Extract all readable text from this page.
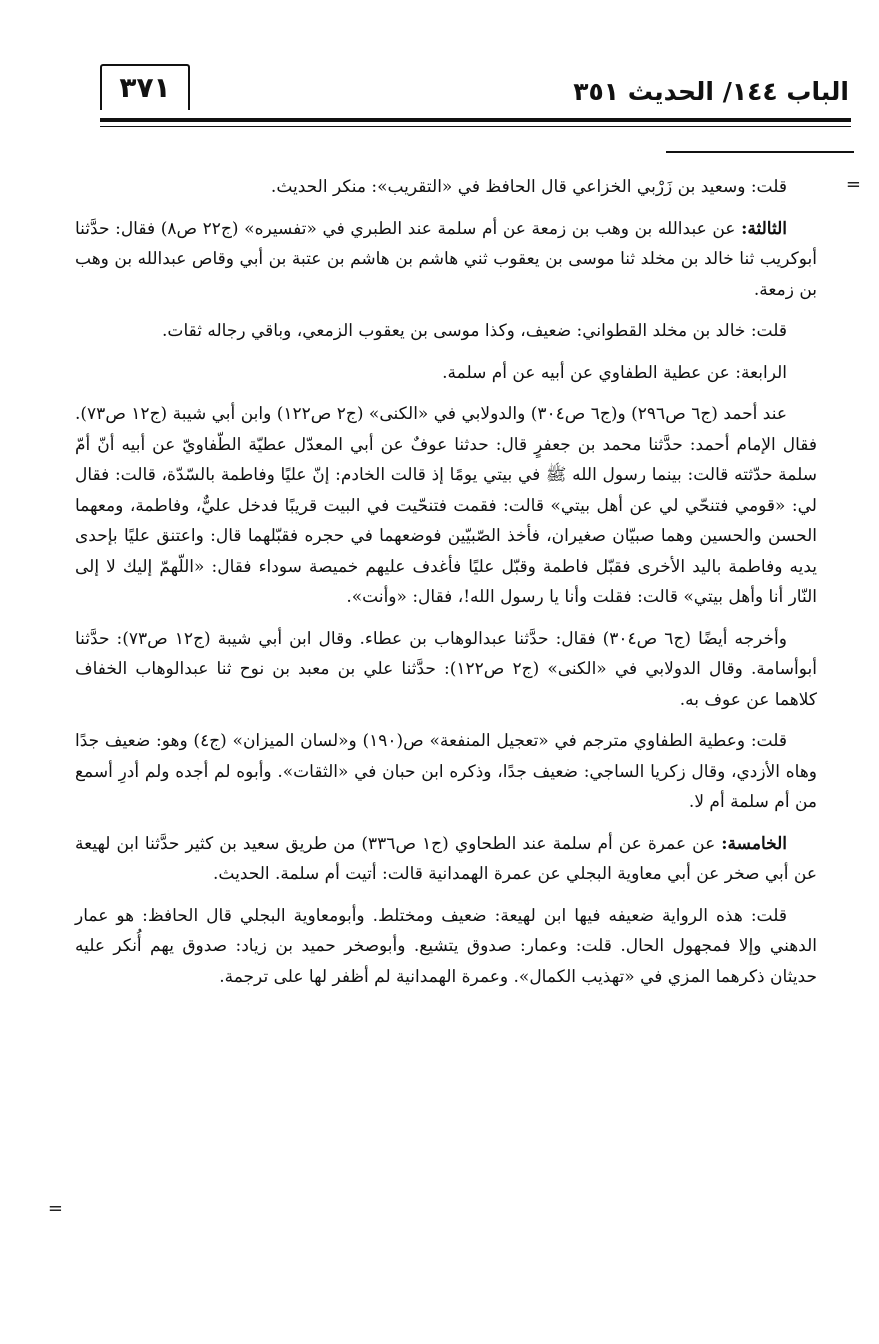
الباب ١٤٤/ الحديث ٣٥١
٣٧١
=

قلت: وسعيد بن زَرْبي الخزاعي قال الحافظ في «التقريب»: منكر الحديث.

الثالثة: عن عبدالله بن وهب بن زمعة عن أم سلمة عند الطبري في «تفسيره» (ج٢٢ ص٨) فقال: حدَّثنا أبوكريب ثنا خالد بن مخلد ثنا موسى بن يعقوب ثني هاشم بن هاشم بن عتبة بن أبي وقاص عبدالله بن وهب بن زمعة.

قلت: خالد بن مخلد القطواني: ضعيف، وكذا موسى بن يعقوب الزمعي، وباقي رجاله ثقات.

الرابعة: عن عطية الطفاوي عن أبيه عن أم سلمة.

عند أحمد (ج٦ ص٢٩٦) و(ج٦ ص٣٠٤) والدولابي في «الكنى» (ج٢ ص١٢٢) وابن أبي شيبة (ج١٢ ص٧٣). فقال الإمام أحمد: حدَّثنا محمد بن جعفرٍ قال: حدثنا عوفٌ عن أبي المعدّل عطيّة الطّفاويّ عن أبيه أنّ أمّ سلمة حدّثته قالت: بينما رسول الله ﷺ في بيتي يومًا إذ قالت الخادم: إنّ عليًا وفاطمة بالسّدّة، قالت: فقال لي: «قومي فتنحّي لي عن أهل بيتي» قالت: فقمت فتنحّيت في البيت قريبًا فدخل عليٌّ، وفاطمة، ومعهما الحسن والحسين وهما صبيّان صغيران، فأخذ الصّبيّين فوضعهما في حجره فقبّلهما قال: واعتنق عليًا بإحدى يديه وفاطمة باليد الأخرى فقبّل فاطمة وقبّل عليًا فأغدف عليهم خميصة سوداء فقال: «اللّهمّ إليك لا إلى النّار أنا وأهل بيتي» قالت: فقلت وأنا يا رسول الله!، فقال: «وأنت».

وأخرجه أيضًا (ج٦ ص٣٠٤) فقال: حدَّثنا عبدالوهاب بن عطاء. وقال ابن أبي شيبة (ج١٢ ص٧٣): حدَّثنا أبوأسامة. وقال الدولابي في «الكنى» (ج٢ ص١٢٢): حدَّثنا علي بن معبد بن نوح ثنا عبدالوهاب الخفاف كلاهما عن عوف به.

قلت: وعطية الطفاوي مترجم في «تعجيل المنفعة» ص(١٩٠) و«لسان الميزان» (ج٤) وهو: ضعيف جدًا وهاه الأزدي، وقال زكريا الساجي: ضعيف جدًا، وذكره ابن حبان في «الثقات». وأبوه لم أجده ولم أدرِ أسمع من أم سلمة أم لا.

الخامسة: عن عمرة عن أم سلمة عند الطحاوي (ج١ ص٣٣٦) من طريق سعيد بن كثير حدَّثنا ابن لهيعة عن أبي صخر عن أبي معاوية البجلي عن عمرة الهمدانية قالت: أتيت أم سلمة. الحديث.

قلت: هذه الرواية ضعيفه فيها ابن لهيعة: ضعيف ومختلط. وأبومعاوية البجلي قال الحافظ: هو عمار الدهني وإلا فمجهول الحال. قلت: وعمار: صدوق يتشيع. وأبوصخر حميد بن زياد: صدوق يهم أُنكر عليه حديثان ذكرهما المزي في «تهذيب الكمال». وعمرة الهمدانية لم أظفر لها على ترجمة.

=
